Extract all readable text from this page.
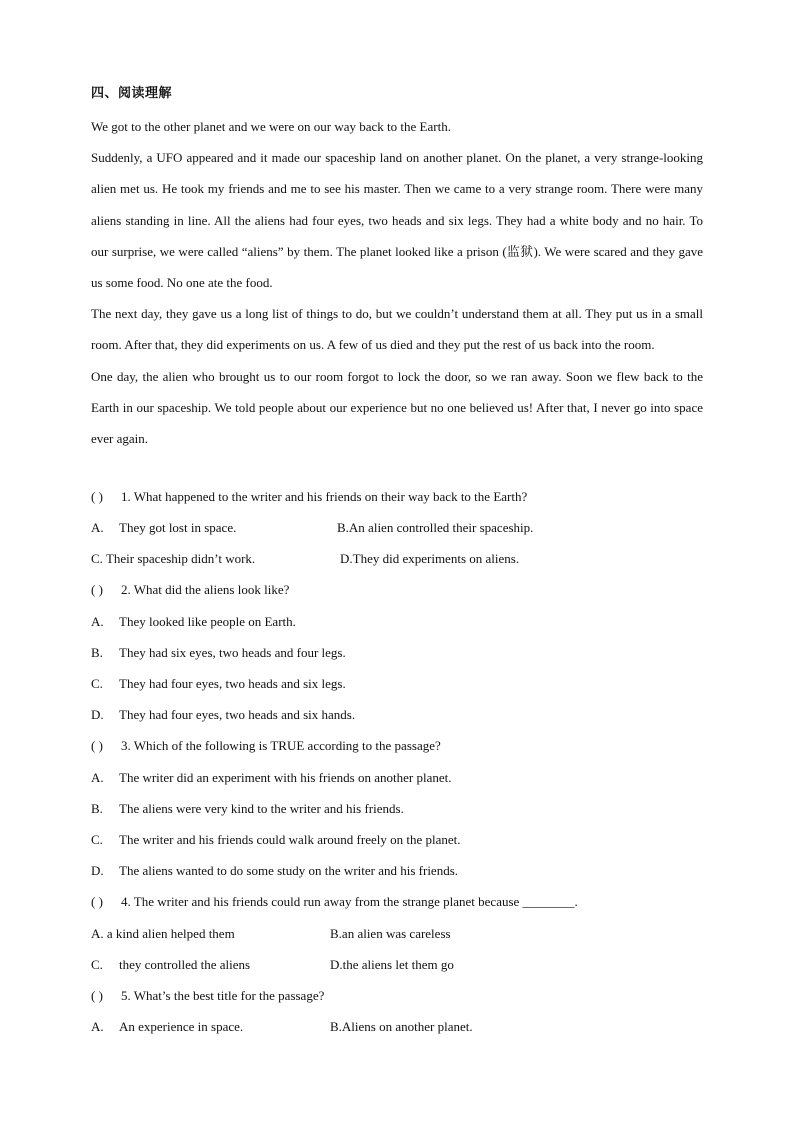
四、阅读理解

We got to the other planet and we were on our way back to the Earth.

Suddenly, a UFO appeared and it made our spaceship land on another planet. On the planet, a very strange-looking alien met us. He took my friends and me to see his master. Then we came to a very strange room. There were many aliens standing in line. All the aliens had four eyes, two heads and six legs. They had a white body and no hair. To our surprise, we were called “aliens” by them. The planet looked like a prison (监狱). We were scared and they gave us some food. No one ate the food.

The next day, they gave us a long list of things to do, but we couldn’t understand them at all. They put us in a small room. After that, they did experiments on us. A few of us died and they put the rest of us back into the room.

One day, the alien who brought us to our room forgot to lock the door, so we ran away. Soon we flew back to the Earth in our spaceship. We told people about our experience but no one believed us! After that, I never go into space ever again.

( ) 1. What happened to the writer and his friends on their way back to the Earth?
A. They got lost in space.	B.An alien controlled their spaceship.
C. Their spaceship didn’t work.	D.They did experiments on aliens.
( ) 2. What did the aliens look like?
A. They looked like people on Earth.
B. They had six eyes, two heads and four legs.
C. They had four eyes, two heads and six legs.
D. They had four eyes, two heads and six hands.
( ) 3. Which of the following is TRUE according to the passage?
A. The writer did an experiment with his friends on another planet.
B. The aliens were very kind to the writer and his friends.
C. The writer and his friends could walk around freely on the planet.
D. The aliens wanted to do some study on the writer and his friends.
( ) 4. The writer and his friends could run away from the strange planet because ________.
A. a kind alien helped them	B.an alien was careless
C. they controlled the aliens	D.the aliens let them go
( ) 5. What’s the best title for the passage?
A. An experience in space.	B.Aliens on another planet.
